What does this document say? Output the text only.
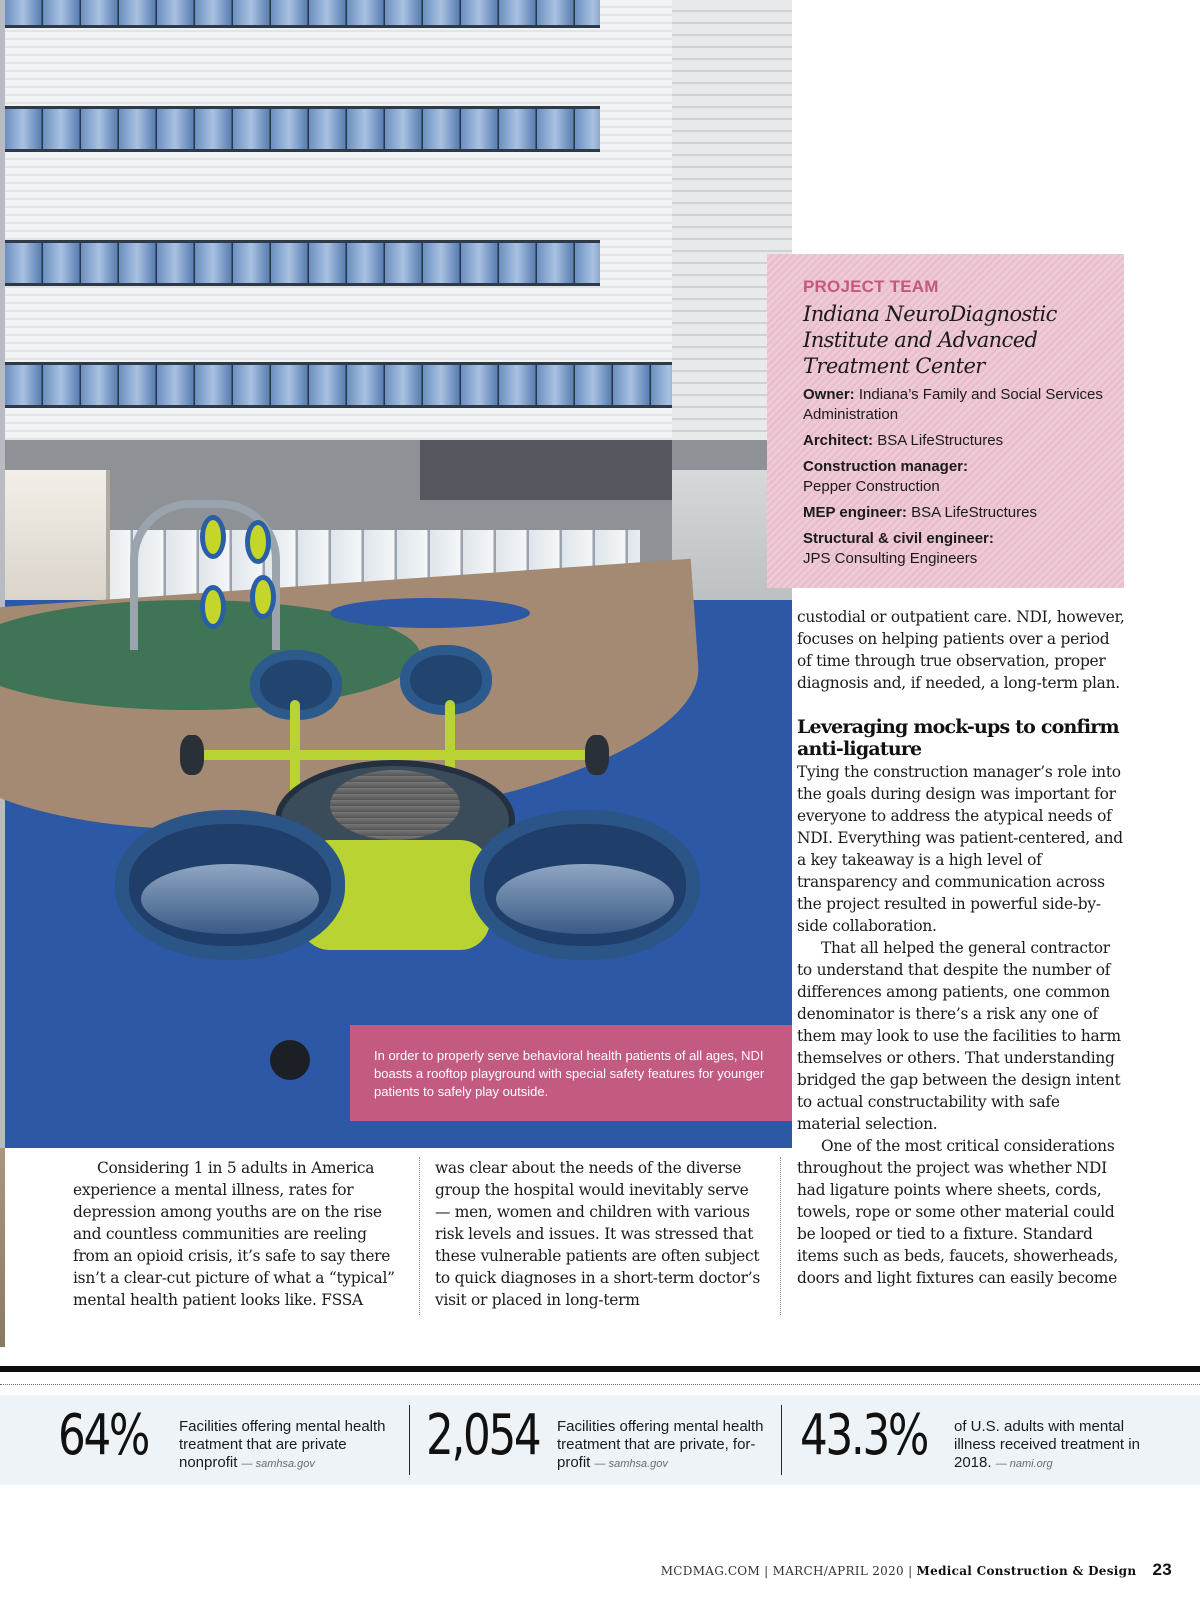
In order to properly serve behavioral health patients of all ages, NDI boasts a rooftop playground with special safety features for younger patients to safely play outside.
PROJECT TEAM
Indiana NeuroDiagnostic Institute and Advanced Treatment Center
Owner: Indiana’s Family and Social Services Administration
Architect: BSA LifeStructures
Construction manager:
Pepper Construction
MEP engineer: BSA LifeStructures
Structural & civil engineer:
JPS Consulting Engineers

Considering 1 in 5 adults in America experience a mental illness, rates for depression among youths are on the rise and countless communities are reeling from an opioid crisis, it’s safe to say there isn’t a clear-cut picture of what a “typical” mental health patient looks like. FSSA

was clear about the needs of the diverse group the hospital would inevitably serve — men, women and children with various risk levels and issues. It was stressed that these vulnerable patients are often subject to quick diagnoses in a short-term doctor’s visit or placed in long-term

custodial or outpatient care. NDI, however, focuses on helping patients over a period of time through true observation, proper diagnosis and, if needed, a long-term plan.

Leveraging mock-ups to confirm anti-ligature

Tying the construction manager’s role into the goals during design was important for everyone to address the atypical needs of NDI. Everything was patient-centered, and a key takeaway is a high level of transparency and communication across the project resulted in powerful side-by-side collaboration.

That all helped the general contractor to understand that despite the number of differences among patients, one common denominator is there’s a risk any one of them may look to use the facilities to harm themselves or others. That understanding bridged the gap between the design intent to actual constructability with safe material selection.

One of the most critical considerations throughout the project was whether NDI had ligature points where sheets, cords, towels, rope or some other material could be looped or tied to a fixture. Standard items such as beds, faucets, showerheads, doors and light fixtures can easily become

64% Facilities offering mental health treatment that are private nonprofit — samhsa.gov	2,054 Facilities offering mental health treatment that are private, for-profit — samhsa.gov	43.3% of U.S. adults with mental illness received treatment in 2018. — nami.org
MCDMAG.COM | MARCH/APRIL 2020 | Medical Construction & Design 23
